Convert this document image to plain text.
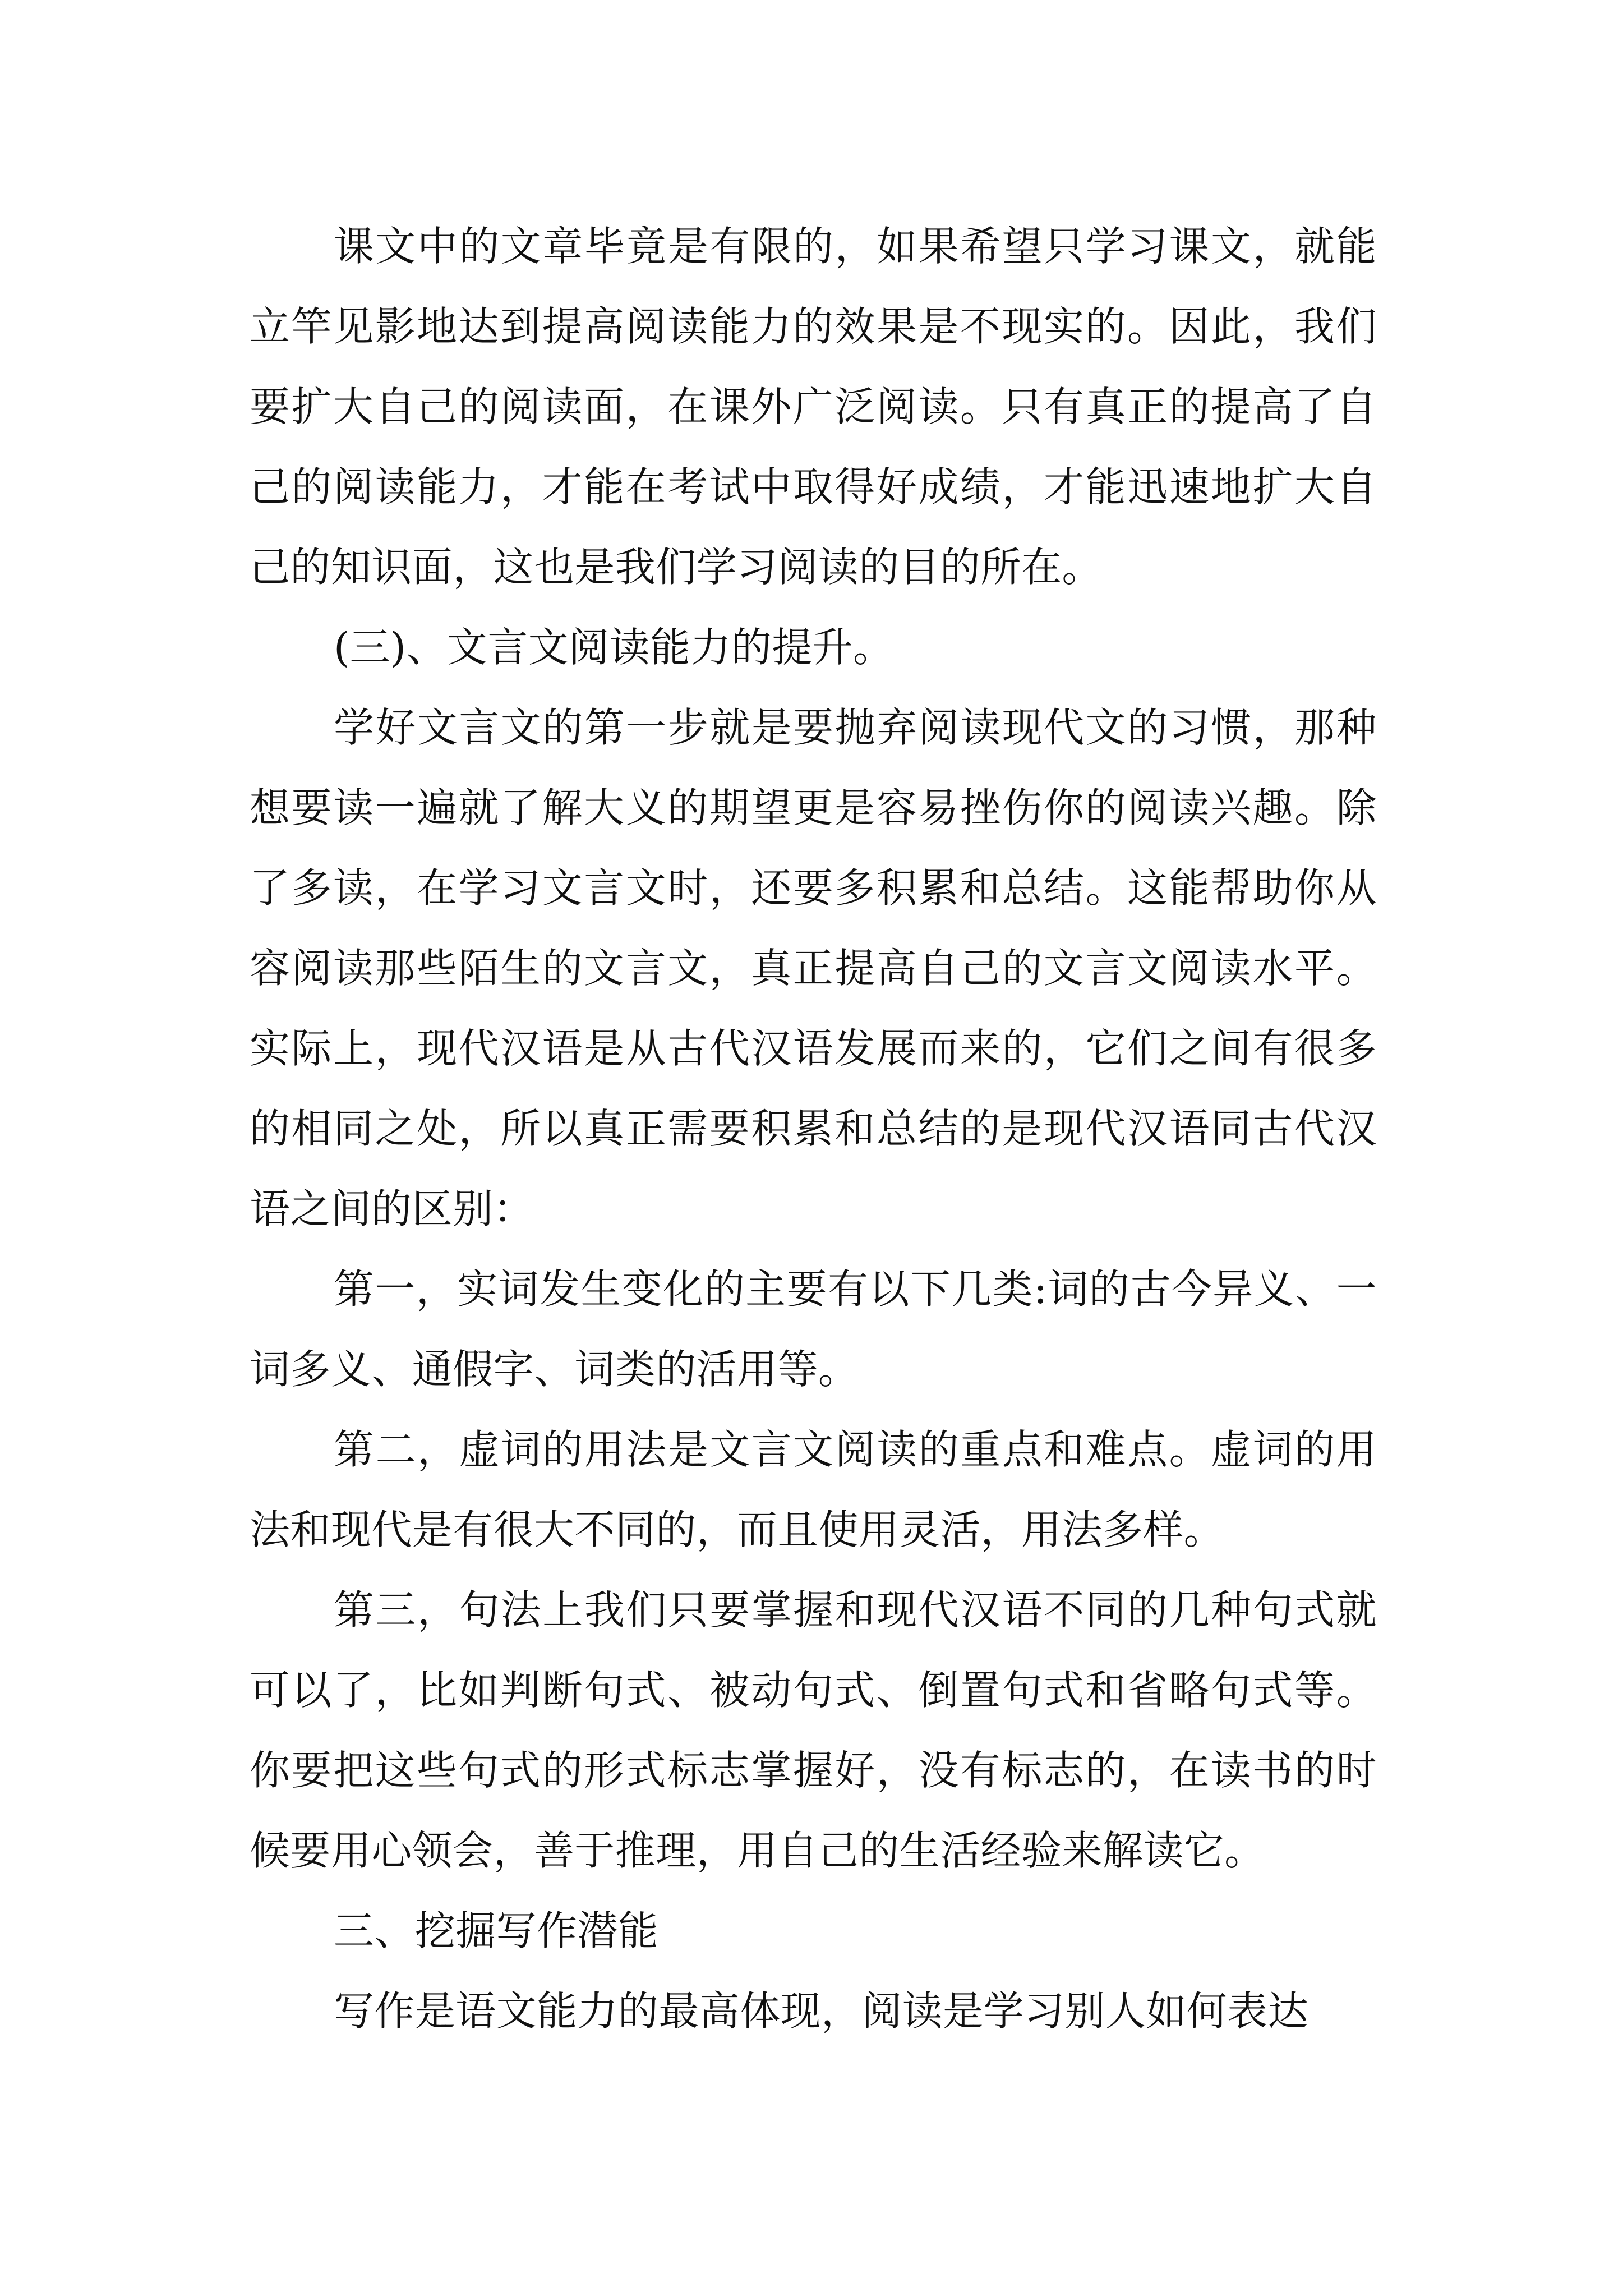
课文中的文章毕竟是有限的，如果希望只学习课文，就能立竿见影地达到提高阅读能力的效果是不现实的。因此，我们要扩大自己的阅读面，在课外广泛阅读。只有真正的提高了自己的阅读能力，才能在考试中取得好成绩，才能迅速地扩大自己的知识面，这也是我们学习阅读的目的所在。

(三)、文言文阅读能力的提升。

学好文言文的第一步就是要抛弃阅读现代文的习惯，那种想要读一遍就了解大义的期望更是容易挫伤你的阅读兴趣。除了多读，在学习文言文时，还要多积累和总结。这能帮助你从容阅读那些陌生的文言文，真正提高自己的文言文阅读水平。实际上，现代汉语是从古代汉语发展而来的，它们之间有很多的相同之处，所以真正需要积累和总结的是现代汉语同古代汉语之间的区别：

第一，实词发生变化的主要有以下几类:词的古今异义、一词多义、通假字、词类的活用等。

第二，虚词的用法是文言文阅读的重点和难点。虚词的用法和现代是有很大不同的，而且使用灵活，用法多样。

第三，句法上我们只要掌握和现代汉语不同的几种句式就可以了，比如判断句式、被动句式、倒置句式和省略句式等。你要把这些句式的形式标志掌握好，没有标志的，在读书的时候要用心领会，善于推理，用自己的生活经验来解读它。

三、挖掘写作潜能

写作是语文能力的最高体现，阅读是学习别人如何表达
